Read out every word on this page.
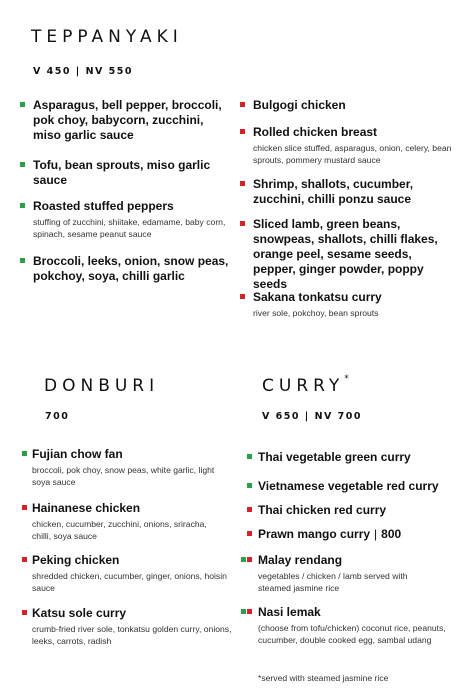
TEPPANYAKI
V 450 | NV 550
Asparagus, bell pepper, broccoli, pok choy, babycorn, zucchini, miso garlic sauce
Tofu, bean sprouts, miso garlic sauce
Roasted stuffed peppers
stuffing of zucchini, shiitake, edamame, baby corn, spinach, sesame peanut sauce
Broccoli, leeks, onion, snow peas, pokchoy, soya, chilli garlic
Bulgogi chicken
Rolled chicken breast
chicken slice stuffed, asparagus, onion, celery, bean sprouts, pommery mustard sauce
Shrimp, shallots, cucumber, zucchini, chilli ponzu sauce
Sliced lamb, green beans, snowpeas, shallots, chilli flakes, orange peel, sesame seeds, pepper, ginger powder, poppy seeds
Sakana tonkatsu curry
river sole, pokchoy, bean sprouts
DONBURI
700
Fujian chow fan
broccoli, pok choy, snow peas, white garlic, light soya sauce
Hainanese chicken
chicken, cucumber, zucchini, onions, sriracha, chilli, soya sauce
Peking chicken
shredded chicken, cucumber, ginger, onions, hoisin sauce
Katsu sole curry
crumb-fried river sole, tonkatsu golden curry, onions, leeks, carrots, radish
CURRY*
V 650 | NV 700
Thai vegetable green curry
Vietnamese vegetable red curry
Thai chicken red curry
Prawn mango curry | 800
Malay rendang
vegetables / chicken / lamb served with steamed jasmine rice
Nasi lemak
(choose from tofu/chicken) coconut rice, peanuts, cucumber, double cooked egg, sambal udang
*served with steamed jasmine rice
